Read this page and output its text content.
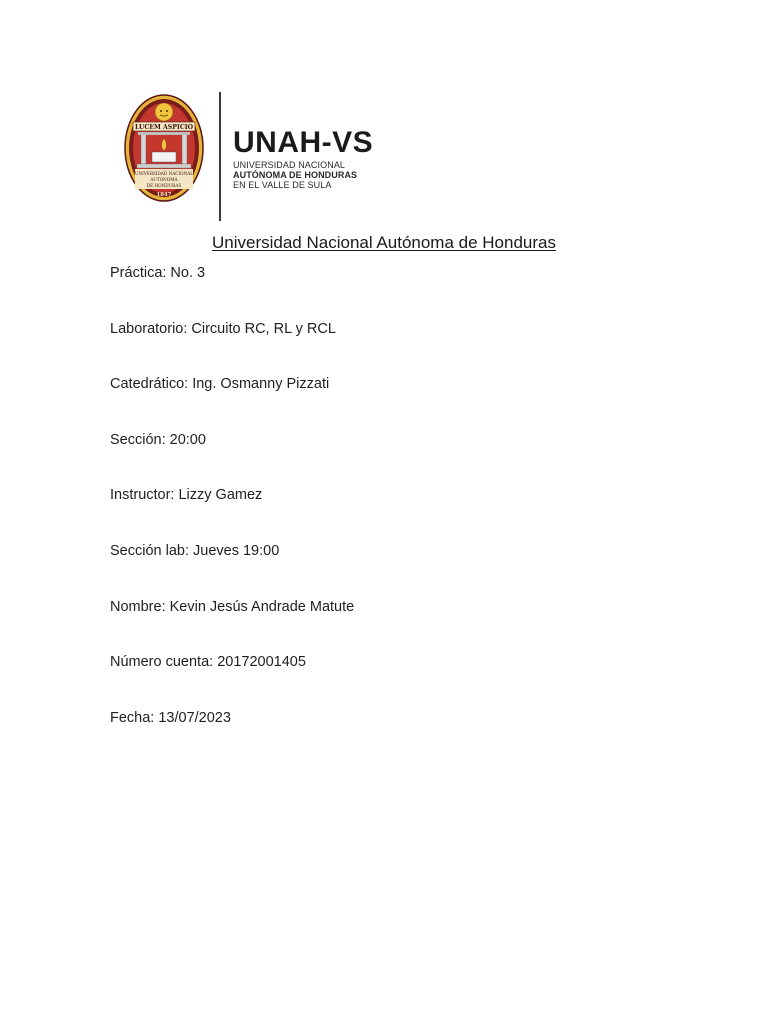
LUCEM ASPICIO
UNIVERSIDAD NACIONAL
AUTONOMA
DE HONDURAS
1847
UNAH-VS
UNIVERSIDAD NACIONAL
AUTÓNOMA DE HONDURAS
EN EL VALLE DE SULA
Universidad Nacional Autónoma de Honduras
Práctica: No. 3
Laboratorio: Circuito RC, RL y RCL
Catedrático: Ing. Osmanny Pizzati
Sección: 20:00
Instructor: Lizzy Gamez
Sección lab: Jueves 19:00
Nombre: Kevin Jesús Andrade Matute
Número cuenta: 20172001405
Fecha: 13/07/2023
